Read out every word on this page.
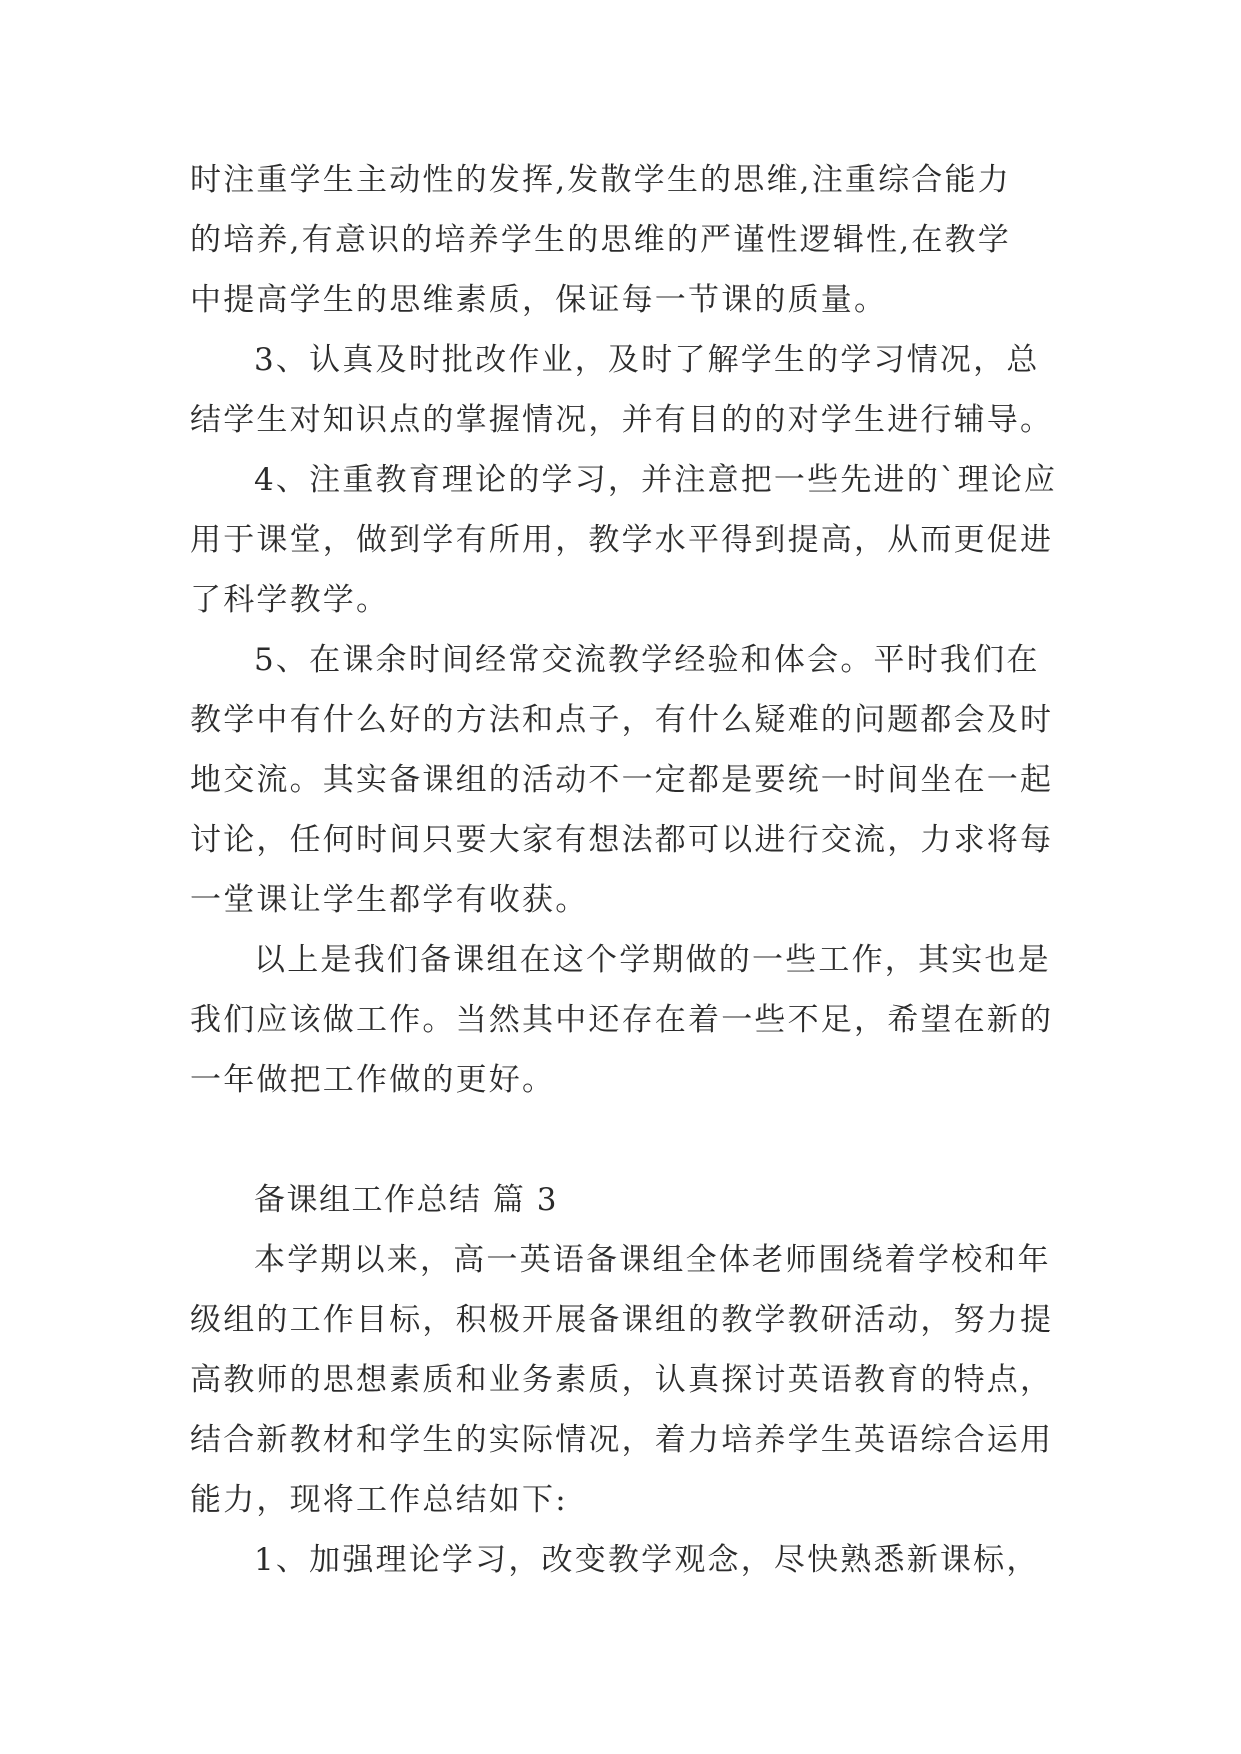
时注重学生主动性的发挥,发散学生的思维,注重综合能力
的培养,有意识的培养学生的思维的严谨性逻辑性,在教学
中提高学生的思维素质，保证每一节课的质量。
3、认真及时批改作业，及时了解学生的学习情况，总
结学生对知识点的掌握情况，并有目的的对学生进行辅导。
4、注重教育理论的学习，并注意把一些先进的`理论应
用于课堂，做到学有所用，教学水平得到提高，从而更促进
了科学教学。
5、在课余时间经常交流教学经验和体会。平时我们在
教学中有什么好的方法和点子，有什么疑难的问题都会及时
地交流。其实备课组的活动不一定都是要统一时间坐在一起
讨论，任何时间只要大家有想法都可以进行交流，力求将每
一堂课让学生都学有收获。
以上是我们备课组在这个学期做的一些工作，其实也是
我们应该做工作。当然其中还存在着一些不足，希望在新的
一年做把工作做的更好。
备课组工作总结 篇 3
本学期以来，高一英语备课组全体老师围绕着学校和年
级组的工作目标，积极开展备课组的教学教研活动，努力提
高教师的思想素质和业务素质，认真探讨英语教育的特点，
结合新教材和学生的实际情况，着力培养学生英语综合运用
能力，现将工作总结如下:
1、加强理论学习，改变教学观念，尽快熟悉新课标，
